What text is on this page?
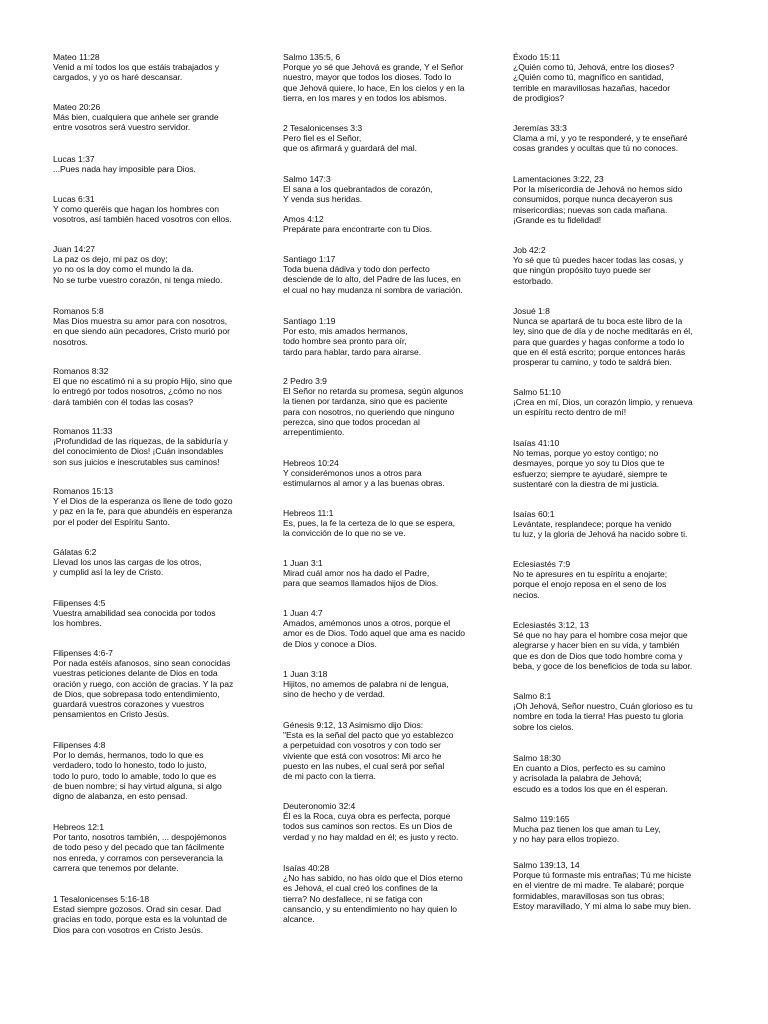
Mateo 11:28
Venid a mí todos los que estáis trabajados y
cargados, y yo os haré descansar.
Mateo 20:26
Más bien, cualquiera que anhele ser grande
entre vosotros será vuestro servidor.
Lucas 1:37
...Pues nada hay imposible para Dios.
Lucas 6:31
Y como queréis que hagan los hombres con
vosotros, así también haced vosotros con ellos.
Juan 14:27
La paz os dejo, mi paz os doy;
yo no os la doy como el mundo la da.
No se turbe vuestro corazón, ni tenga miedo.
Romanos 5:8
Mas Dios muestra su amor para con nosotros,
en que siendo aún pecadores, Cristo murió por
nosotros.
Romanos 8:32
El que no escatimó ni a su propio Hijo, sino que
lo entregó por todos nosotros, ¿cómo no nos
dará también con él todas las cosas?
Romanos 11:33
¡Profundidad de las riquezas, de la sabiduría y
del conocimiento de Dios! ¡Cuán insondables
son sus juicios e inescrutables sus caminos!
Romanos 15:13
Y el Dios de la esperanza os llene de todo gozo
y paz en la fe, para que abundéis en esperanza
por el poder del Espíritu Santo.
Gálatas 6:2
Llevad los unos las cargas de los otros,
y cumplid así la ley de Cristo.
Filipenses 4:5
Vuestra amabilidad sea conocida por todos
los hombres.
Filipenses 4:6-7
Por nada estéis afanosos, sino sean conocidas
vuestras peticiones delante de Dios en toda
oración y ruego, con acción de gracias. Y la paz
de Dios, que sobrepasa todo entendimiento,
guardará vuestros corazones y vuestros
pensamientos en Cristo Jesús.
Filipenses 4:8
Por lo demás, hermanos, todo lo que es
verdadero, todo lo honesto, todo lo justo,
todo lo puro, todo lo amable, todo lo que es
de buen nombre; si hay virtud alguna, si algo
digno de alabanza, en esto pensad.
Hebreos 12:1
Por tanto, nosotros también, ... despojémonos
de todo peso y del pecado que tan fácilmente
nos enreda, y corramos con perseverancia la
carrera que tenemos por delante.
1 Tesalonicenses 5:16-18
Estad siempre gozosos. Orad sin cesar. Dad
gracias en todo, porque esta es la voluntad de
Dios para con vosotros en Cristo Jesús.
Salmo 135:5, 6
Porque yo sé que Jehová es grande, Y el Señor
nuestro, mayor que todos los dioses. Todo lo
que Jehová quiere, lo hace, En los cielos y en la
tierra, en los mares y en todos los abismos.
2 Tesalonicenses 3:3
Pero fiel es el Señor,
que os afirmará y guardará del mal.
Salmo 147:3
El sana a los quebrantados de corazón,
Y venda sus heridas.
Amos 4:12
Prepárate para encontrarte con tu Dios.
Santiago 1:17
Toda buena dádiva y todo don perfecto
desciende de lo alto, del Padre de las luces, en
el cual no hay mudanza ni sombra de variación.
Santiago 1:19
Por esto, mis amados hermanos,
todo hombre sea pronto para oír,
tardo para hablar, tardo para airarse.
2 Pedro 3:9
El Señor no retarda su promesa, según algunos
la tienen por tardanza, sino que es paciente
para con nosotros, no queriendo que ninguno
perezca, sino que todos procedan al
arrepentimiento.
Hebreos 10:24
Y considerémonos unos a otros para
estimularnos al amor y a las buenas obras.
Hebreos 11:1
Es, pues, la fe la certeza de lo que se espera,
la convicción de lo que no se ve.
1 Juan 3:1
Mirad cuál amor nos ha dado el Padre,
para que seamos llamados hijos de Dios.
1 Juan 4:7
Amados, amémonos unos a otros, porque el
amor es de Dios. Todo aquel que ama es nacido
de Dios y conoce a Dios.
1 Juan 3:18
Hijitos, no amemos de palabra ni de lengua,
sino de hecho y de verdad.
Génesis 9:12, 13 Asimismo dijo Dios:
"Esta es la señal del pacto que yo establezco
a perpetuidad con vosotros y con todo ser
viviente que está con vosotros: Mi arco he
puesto en las nubes, el cual será por señal
de mi pacto con la tierra.
Deuteronomio 32:4
Él es la Roca, cuya obra es perfecta, porque
todos sus caminos son rectos. Es un Dios de
verdad y no hay maldad en él; es justo y recto.
Isaías 40:28
¿No has sabido, no has oído que el Dios eterno
es Jehová, el cual creó los confines de la
tierra? No desfallece, ni se fatiga con
cansancio, y su entendimiento no hay quien lo
alcance.
Éxodo 15:11
¿Quién como tú, Jehová, entre los dioses?
¿Quién como tú, magnífico en santidad,
terrible en maravillosas hazañas, hacedor
de prodigios?
Jeremías 33:3
Clama a mí, y yo te responderé, y te enseñaré
cosas grandes y ocultas que tú no conoces.
Lamentaciones 3:22, 23
Por la misericordia de Jehová no hemos sido
consumidos, porque nunca decayeron sus
misericordias; nuevas son cada mañana.
¡Grande es tu fidelidad!
Job 42:2
Yo sé que tú puedes hacer todas las cosas, y
que ningún propósito tuyo puede ser
estorbado.
Josué 1:8
Nunca se apartará de tu boca este libro de la
ley, sino que de día y de noche meditarás en él,
para que guardes y hagas conforme a todo lo
que en él está escrito; porque entonces harás
prosperar tu camino, y todo te saldrá bien.
Salmo 51:10
¡Crea en mí, Dios, un corazón limpio, y renueva
un espíritu recto dentro de mí!
Isaías 41:10
No temas, porque yo estoy contigo; no
desmayes, porque yo soy tu Dios que te
esfuerzo; siempre te ayudaré, siempre te
sustentaré con la diestra de mi justicia.
Isaías 60:1
Levántate, resplandece; porque ha venido
tu luz, y la gloria de Jehová ha nacido sobre ti.
Eclesiastés 7:9
No te apresures en tu espíritu a enojarte;
porque el enojo reposa en el seno de los
necios.
Eclesiastés 3:12, 13
Sé que no hay para el hombre cosa mejor que
alegrarse y hacer bien en su vida, y también
que es don de Dios que todo hombre coma y
beba, y goce de los beneficios de toda su labor.
Salmo 8:1
¡Oh Jehová, Señor nuestro, Cuán glorioso es tu
nombre en toda la tierra! Has puesto tu gloria
sobre los cielos.
Salmo 18:30
En cuanto a Dios, perfecto es su camino
y acrisolada la palabra de Jehová;
escudo es a todos los que en él esperan.
Salmo 119:165
Mucha paz tienen los que aman tu Ley,
y no hay para ellos tropiezo.
Salmo 139:13, 14
Porque tú formaste mis entrañas; Tú me hiciste
en el vientre de mi madre. Te alabaré; porque
formidables, maravillosas son tus obras;
Estoy maravillado, Y mi alma lo sabe muy bien.
